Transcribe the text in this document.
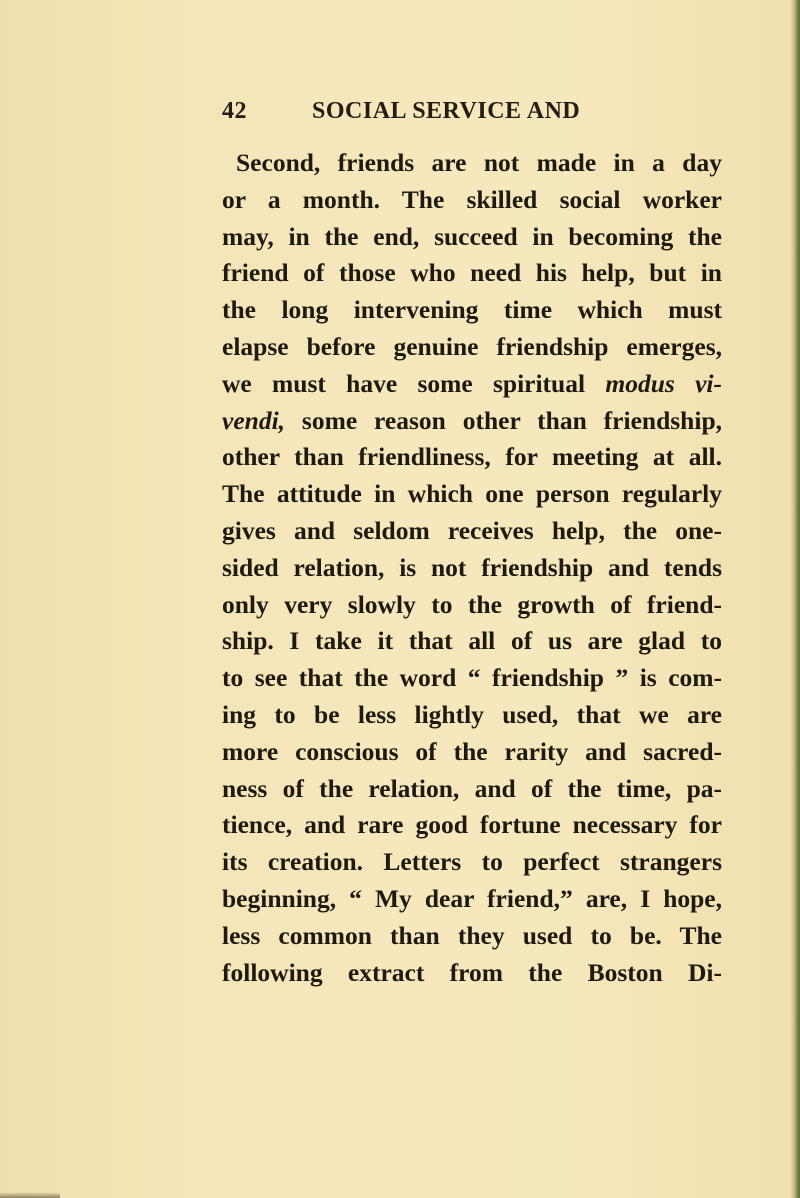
42	SOCIAL SERVICE AND
Second, friends are not made in a day
or a month. The skilled social worker
may, in the end, succeed in becoming the
friend of those who need his help, but in
the long intervening time which must
elapse before genuine friendship emerges,
we must have some spiritual modus vi-
vendi, some reason other than friendship,
other than friendliness, for meeting at all.
The attitude in which one person regularly
gives and seldom receives help, the one-
sided relation, is not friendship and tends
only very slowly to the growth of friend-
ship. I take it that all of us are glad to
to see that the word “ friendship ” is com-
ing to be less lightly used, that we are
more conscious of the rarity and sacred-
ness of the relation, and of the time, pa-
tience, and rare good fortune necessary for
its creation. Letters to perfect strangers
beginning, “ My dear friend,” are, I hope,
less common than they used to be. The
following extract from the Boston Di-
